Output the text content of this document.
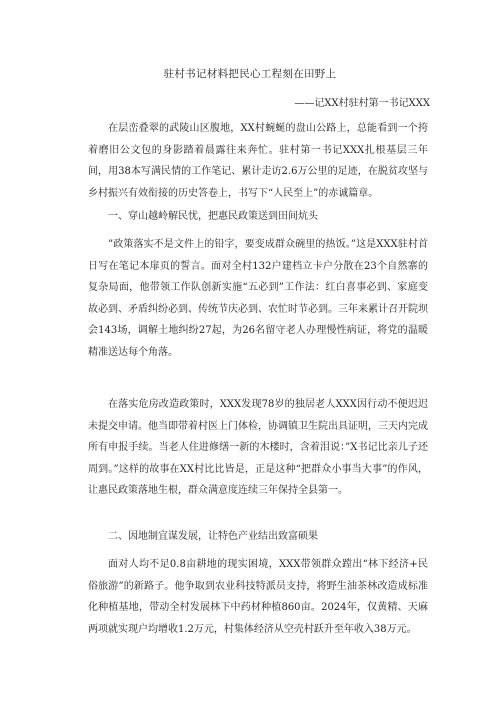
驻村书记材料把民心工程刻在田野上
——记XX村驻村第一书记XXX

在层峦叠翠的武陵山区腹地，XX村蜿蜒的盘山公路上，总能看到一个挎着磨旧公文包的身影踏着晨露往来奔忙。驻村第一书记XXX扎根基层三年间，用38本写满民情的工作笔记、累计走访2.6万公里的足迹，在脱贫攻坚与乡村振兴有效衔接的历史答卷上，书写下“人民至上”的赤诚篇章。

一、穿山越岭解民忧，把惠民政策送到田间炕头

”政策落实不是文件上的铅字，要变成群众碗里的热饭。”这是XXX驻村首日写在笔记本扉页的誓言。面对全村132户建档立卡户分散在23个自然寨的复杂局面，他带领工作队创新实施“五必到”工作法：红白喜事必到、家庭变故必到、矛盾纠纷必到、传统节庆必到、农忙时节必到。三年来累计召开院坝会143场，调解土地纠纷27起，为26名留守老人办理慢性病证，将党的温暖精准送达每个角落。

在落实危房改造政策时，XXX发现78岁的独居老人XXX因行动不便迟迟未提交申请。他当即带着村医上门体检，协调镇卫生院出具证明，三天内完成所有申报手续。当老人住进修缮一新的木楼时，含着泪说：”X书记比亲儿子还周到。”这样的故事在XX村比比皆是，正是这种“把群众小事当大事”的作风，让惠民政策落地生根，群众满意度连续三年保持全县第一。

二、因地制宜谋发展，让特色产业结出致富硕果

面对人均不足0.8亩耕地的现实困境，XXX带领群众蹚出“林下经济+民俗旅游”的新路子。他争取到农业科技特派员支持，将野生油茶林改造成标准化种植基地，带动全村发展林下中药材种植860亩。2024年，仅黄精、天麻两项就实现户均增收1.2万元，村集体经济从空壳村跃升至年收入38万元。
